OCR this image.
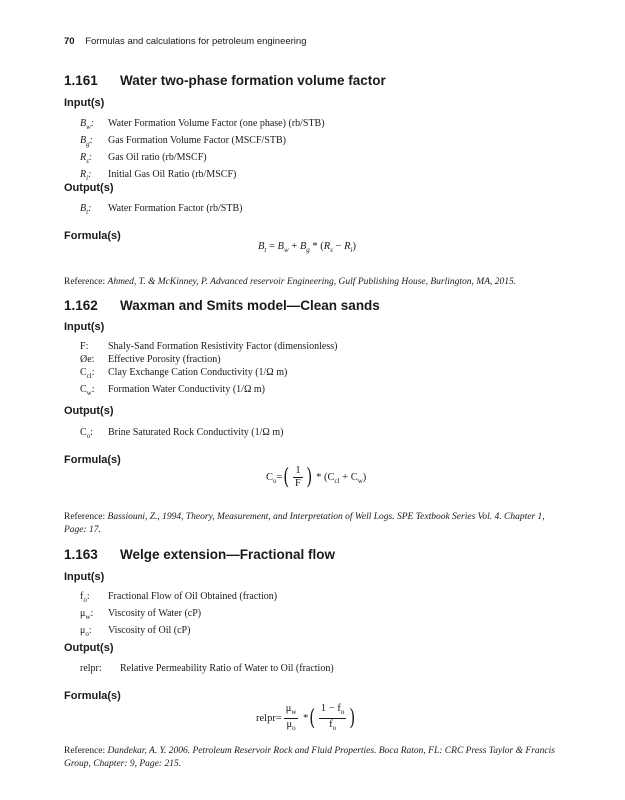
70 Formulas and calculations for petroleum engineering
1.161 Water two-phase formation volume factor
Input(s)
$B_w$: Water Formation Volume Factor (one phase) (rb/STB)
$B_g$: Gas Formation Volume Factor (MSCF/STB)
$R_s$: Gas Oil ratio (rb/MSCF)
$R_i$: Initial Gas Oil Ratio (rb/MSCF)
Output(s)
$B_t$: Water Formation Factor (rb/STB)
Formula(s)
$B_t = B_w + B_g * (R_s - R_i)$
Reference: Ahmed, T. & McKinney, P. Advanced reservoir Engineering, Gulf Publishing House, Burlington, MA, 2015.
1.162 Waxman and Smits model—Clean sands
Input(s)
F: Shaly-Sand Formation Resistivity Factor (dimensionless)
Øe: Effective Porosity (fraction)
$C_{cl}$: Clay Exchange Cation Conductivity (1/Ω m)
$C_w$: Formation Water Conductivity (1/Ω m)
Output(s)
$C_o$: Brine Saturated Rock Conductivity (1/Ω m)
Formula(s)
$C_o=( \frac{1}{F}$ ) * $(C_{cl} + C_w)$
Reference: Bassiouni, Z., 1994, Theory, Measurement, and Interpretation of Well Logs. SPE Textbook Series Vol. 4. Chapter 1, Page: 17.
1.163 Welge extension—Fractional flow
Input(s)
$f_o$: Fractional Flow of Oil Obtained (fraction)
$\mu_w$: Viscosity of Water (cP)
$\mu_o$: Viscosity of Oil (cP)
Output(s)
relpr: Relative Permeability Ratio of Water to Oil (fraction)
Formula(s)
relpr= $\frac{\mu_w}{\mu_o}$ *( $\frac{1 - f_o}{f_o}$ )
Reference: Dandekar, A. Y. 2006. Petroleum Reservoir Rock and Fluid Properties. Boca Raton, FL: CRC Press Taylor & Francis Group, Chapter: 9, Page: 215.
